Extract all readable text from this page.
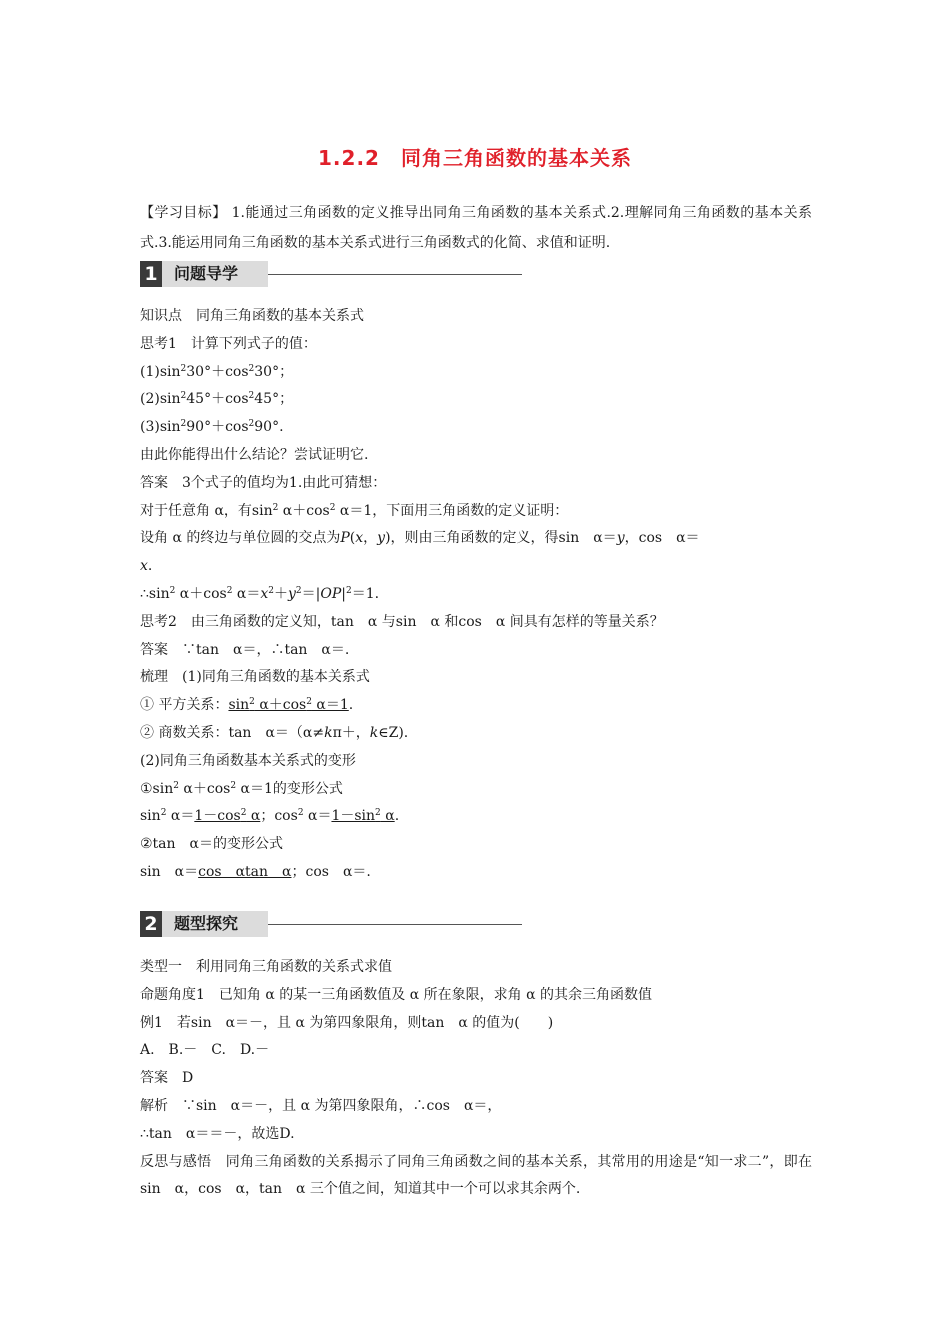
1.2.2　同角三角函数的基本关系
【学习目标】 1.能通过三角函数的定义推导出同角三角函数的基本关系式.2.理解同角三角函数的基本关系式.3.能运用同角三角函数的基本关系式进行三角函数式的化简、求值和证明.
1	问题导学
知识点　同角三角函数的基本关系式
思考1　计算下列式子的值：
$(1)\sin^230^\circ+\cos^230^\circ$；
$(2)\sin^245^\circ+\cos^245^\circ$；
$(3)\sin^290^\circ+\cos^290^\circ$.
由此你能得出什么结论？尝试证明它.
答案　3个式子的值均为1.由此可猜想：
对于任意角 α，有$\sin^2 \alpha+\cos^2$ α＝1，下面用三角函数的定义证明：
设角 α 的终边与单位圆的交点为P(x，y)，则由三角函数的定义，得sin　α＝y，cos　α＝
x.
$\therefore\sin^2$ $\alpha+\cos^2$ $\alpha=x^2+y^2=|OP|^2=1$.
思考2　由三角函数的定义知，tan　α 与sin　α 和cos　α 间具有怎样的等量关系？
答案　∵tan　α＝，∴tan　α＝.
梳理　(1)同角三角函数的基本关系式
① 平方关系：$\sin^2 \alpha+\cos^2$ α＝1.
② 商数关系：tan　α＝（α≠kπ＋，k∈Z).
(2)同角三角函数基本关系式的变形
$①\sin^2$ $\alpha+\cos^2$ α＝1的变形公式
$\sin^2 \alpha=1-\cos^2$ α；$\cos^2 \alpha=1-\sin^2$ α.
②tan　α＝的变形公式
sin　α＝cos　αtan　α；cos　α＝.
2	题型探究
类型一　利用同角三角函数的关系式求值
命题角度1　已知角 α 的某一三角函数值及 α 所在象限，求角 α 的其余三角函数值
例1　若sin　α＝－，且 α 为第四象限角，则tan　α 的值为(　　)
A.　B.－　C.　D.－
答案　D
解析　∵sin　α＝－，且 α 为第四象限角，∴cos　α＝，
∴tan　α＝＝－，故选D.
反思与感悟　同角三角函数的关系揭示了同角三角函数之间的基本关系，其常用的用途是“知一求二”，即在sin　α，cos　α，tan　α 三个值之间，知道其中一个可以求其余两个.
